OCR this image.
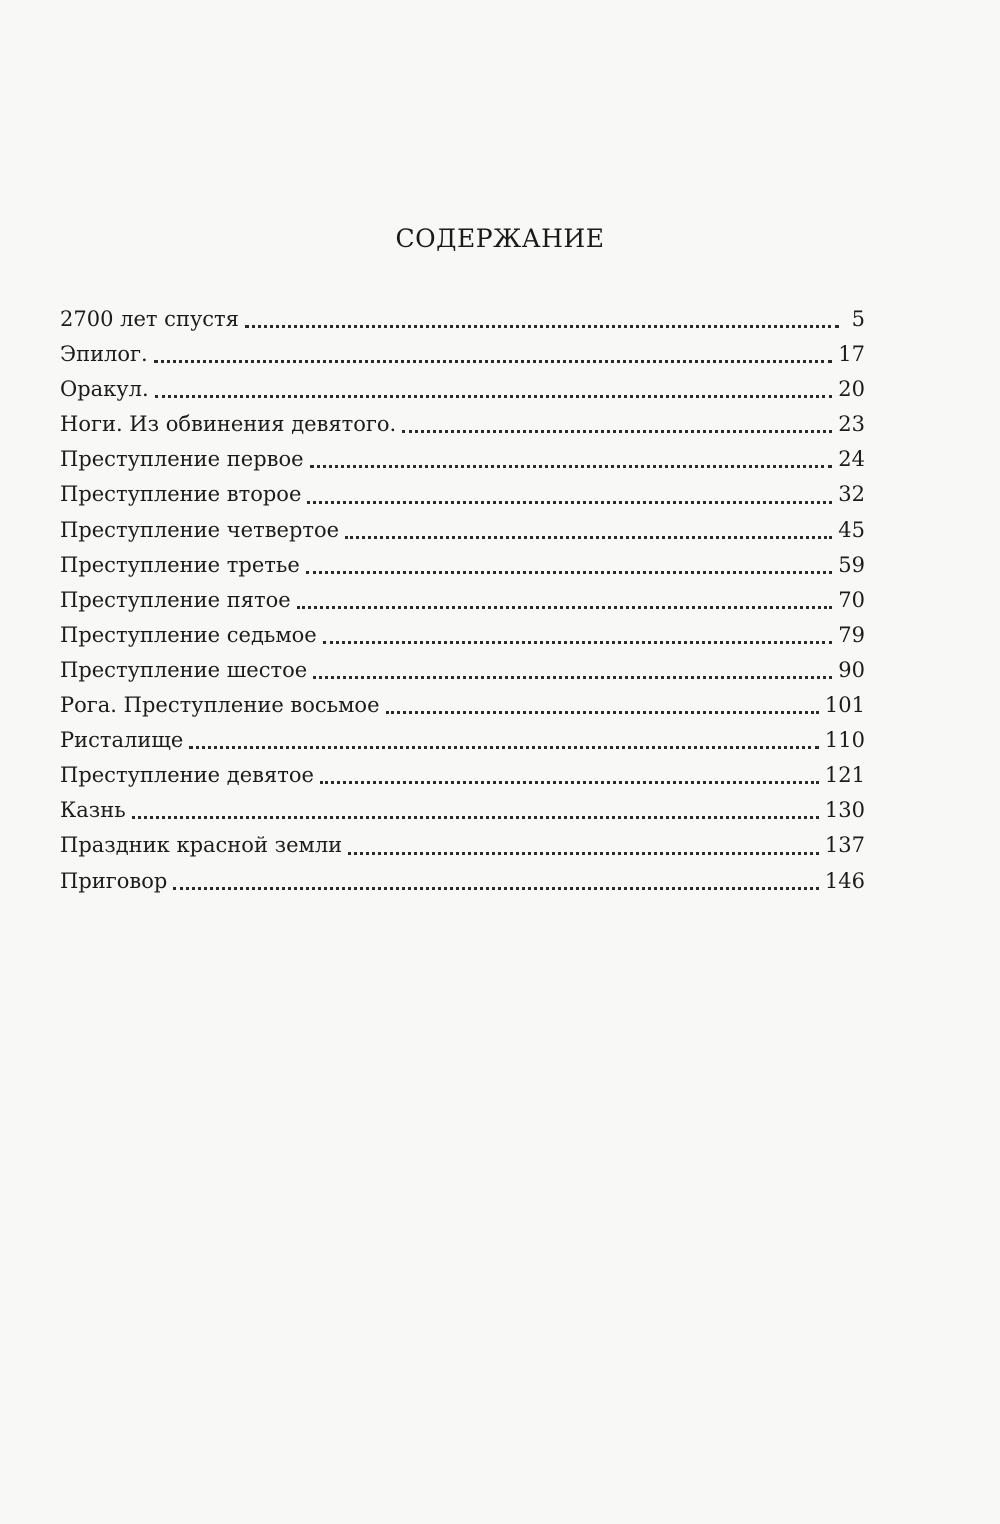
СОДЕРЖАНИЕ
2700 лет спустя	5
Эпилог.	17
Оракул.	20
Ноги. Из обвинения девятого.	23
Преступление первое	24
Преступление второе	32
Преступление четвертое	45
Преступление третье	59
Преступление пятое	70
Преступление седьмое	79
Преступление шестое	90
Рога. Преступление восьмое	101
Ристалище	110
Преступление девятое	121
Казнь	130
Праздник красной земли	137
Приговор	146
